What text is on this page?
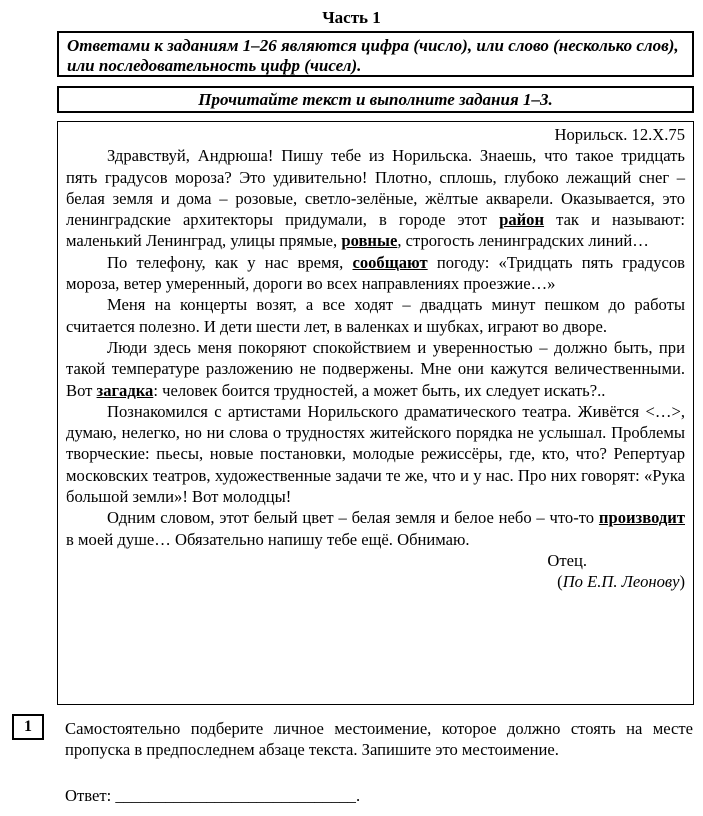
Часть 1
Ответами к заданиям 1–26 являются цифра (число), или слово (несколько слов), или последовательность цифр (чисел).
Прочитайте текст и выполните задания 1–3.
Норильск. 12.X.75

Здравствуй, Андрюша! Пишу тебе из Норильска. Знаешь, что такое тридцать пять градусов мороза? Это удивительно! Плотно, сплошь, глубоко лежащий снег – белая земля и дома – розовые, светло-зелёные, жёлтые акварели. Оказывается, это ленинградские архитекторы придумали, в городе этот район так и называют: маленький Ленинград, улицы прямые, ровные, строгость ленинградских линий…

По телефону, как у нас время, сообщают погоду: «Тридцать пять градусов мороза, ветер умеренный, дороги во всех направлениях проезжие…»

Меня на концерты возят, а все ходят – двадцать минут пешком до работы считается полезно. И дети шести лет, в валенках и шубках, играют во дворе.

Люди здесь меня покоряют спокойствием и уверенностью – должно быть, при такой температуре разложению не подвержены. Мне они кажутся величественными. Вот загадка: человек боится трудностей, а может быть, их следует искать?..

Познакомился с артистами Норильского драматического театра. Живётся <…>, думаю, нелегко, но ни слова о трудностях житейского порядка не услышал. Проблемы творческие: пьесы, новые постановки, молодые режиссёры, где, кто, что? Репертуар московских театров, художественные задачи те же, что и у нас. Про них говорят: «Рука большой земли»! Вот молодцы!

Одним словом, этот белый цвет – белая земля и белое небо – что-то производит в моей душе… Обязательно напишу тебе ещё. Обнимаю.

Отец.
(По Е.П. Леонову)
1	Самостоятельно подберите личное местоимение, которое должно стоять на месте пропуска в предпоследнем абзаце текста. Запишите это местоимение.
Ответ: _____________________________.
